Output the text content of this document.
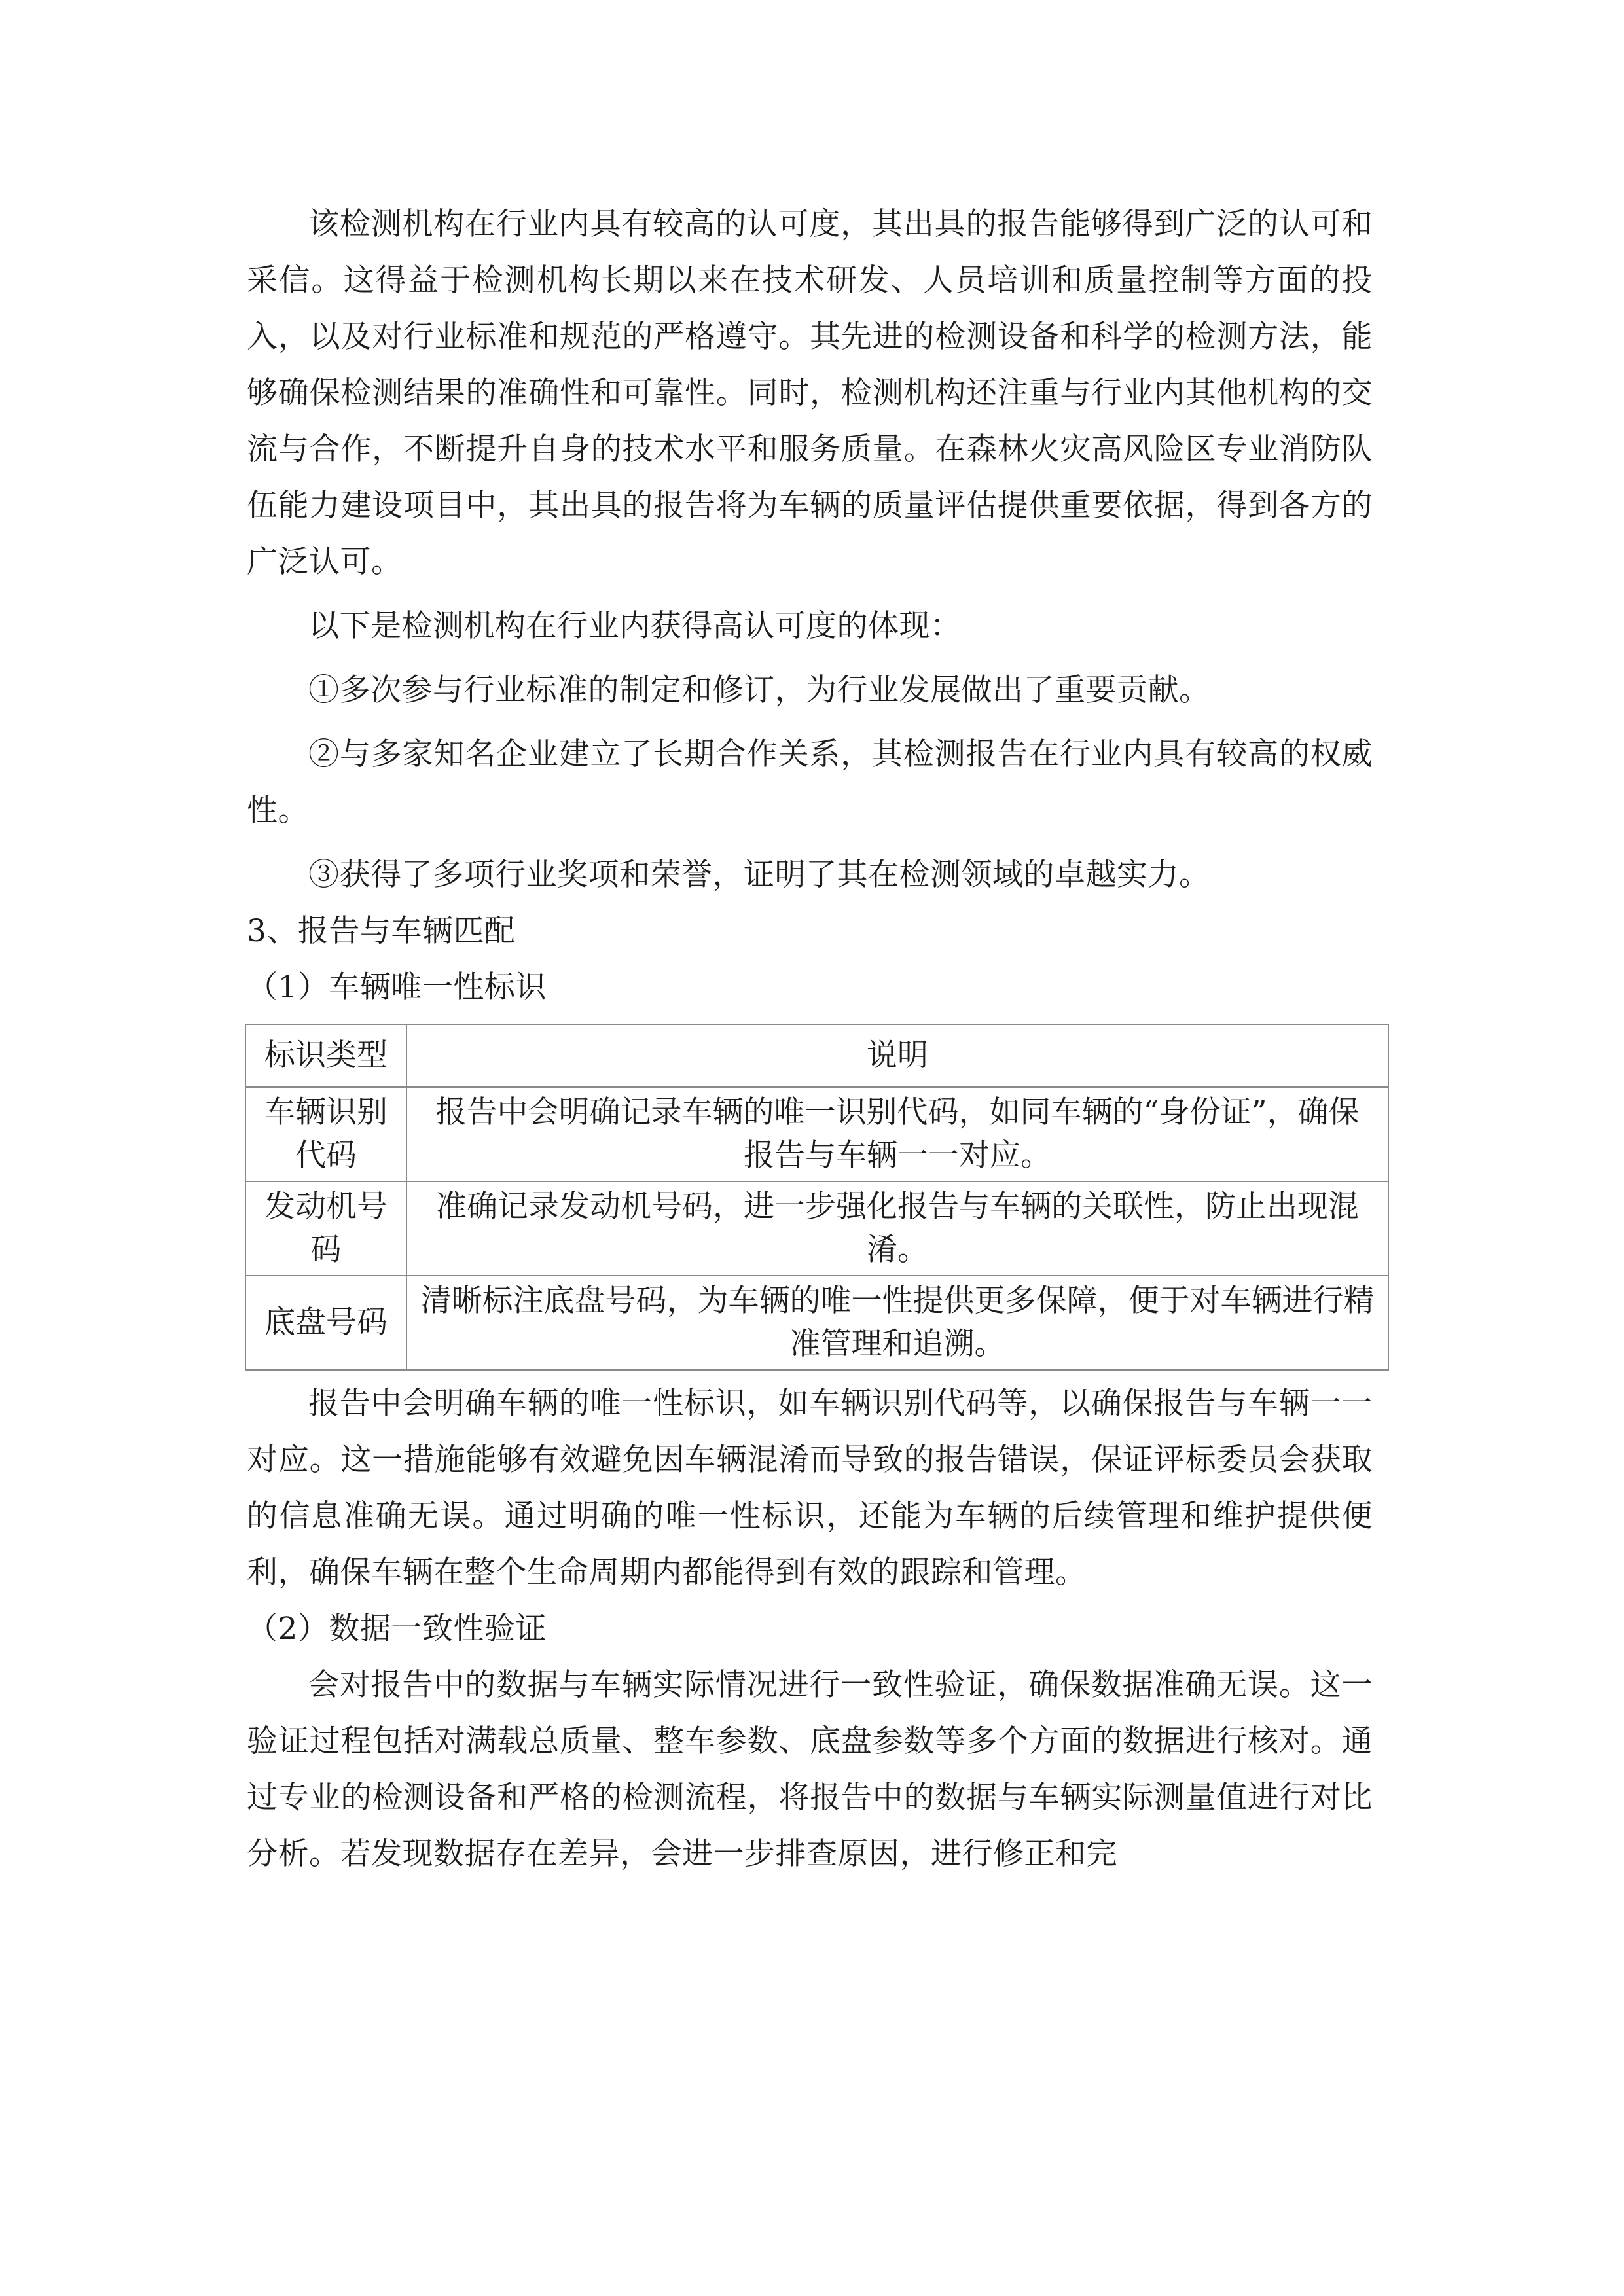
该检测机构在行业内具有较高的认可度，其出具的报告能够得到广泛的认可和采信。这得益于检测机构长期以来在技术研发、人员培训和质量控制等方面的投入，以及对行业标准和规范的严格遵守。其先进的检测设备和科学的检测方法，能够确保检测结果的准确性和可靠性。同时，检测机构还注重与行业内其他机构的交流与合作，不断提升自身的技术水平和服务质量。在森林火灾高风险区专业消防队伍能力建设项目中，其出具的报告将为车辆的质量评估提供重要依据，得到各方的广泛认可。

以下是检测机构在行业内获得高认可度的体现：

①多次参与行业标准的制定和修订，为行业发展做出了重要贡献。

②与多家知名企业建立了长期合作关系，其检测报告在行业内具有较高的权威性。

③获得了多项行业奖项和荣誉，证明了其在检测领域的卓越实力。

3、报告与车辆匹配

（1）车辆唯一性标识

标识类型	说明
车辆识别代码	报告中会明确记录车辆的唯一识别代码，如同车辆的“身份证”，确保报告与车辆一一对应。
发动机号码	准确记录发动机号码，进一步强化报告与车辆的关联性，防止出现混淆。
底盘号码	清晰标注底盘号码，为车辆的唯一性提供更多保障，便于对车辆进行精准管理和追溯。

报告中会明确车辆的唯一性标识，如车辆识别代码等，以确保报告与车辆一一对应。这一措施能够有效避免因车辆混淆而导致的报告错误，保证评标委员会获取的信息准确无误。通过明确的唯一性标识，还能为车辆的后续管理和维护提供便利，确保车辆在整个生命周期内都能得到有效的跟踪和管理。

（2）数据一致性验证

会对报告中的数据与车辆实际情况进行一致性验证，确保数据准确无误。这一验证过程包括对满载总质量、整车参数、底盘参数等多个方面的数据进行核对。通过专业的检测设备和严格的检测流程，将报告中的数据与车辆实际测量值进行对比分析。若发现数据存在差异，会进一步排查原因，进行修正和完
